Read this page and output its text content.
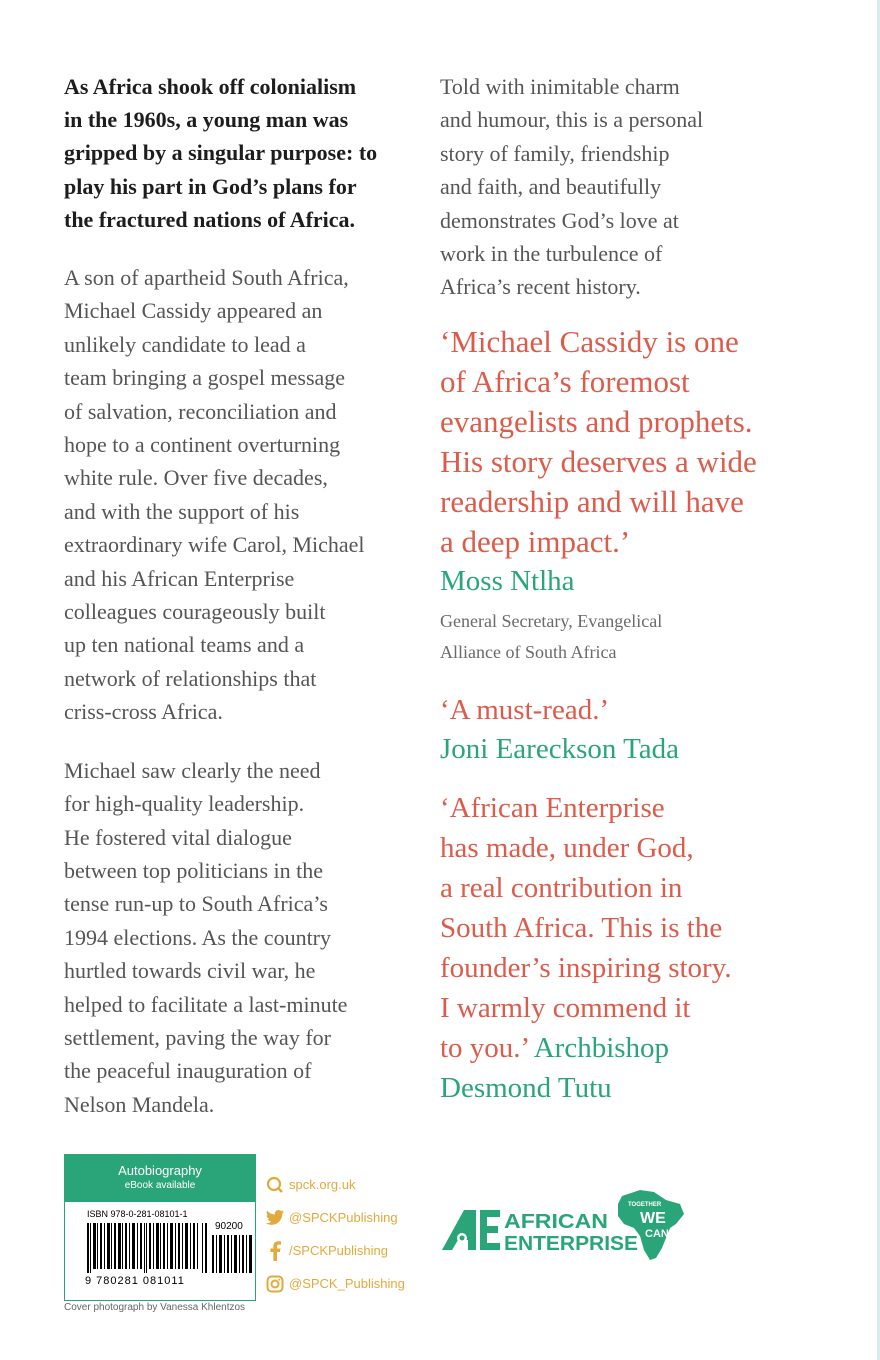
As Africa shook off colonialism
in the 1960s, a young man was
gripped by a singular purpose: to
play his part in God’s plans for
the fractured nations of Africa.

A son of apartheid South Africa,
Michael Cassidy appeared an
unlikely candidate to lead a
team bringing a gospel message
of salvation, reconciliation and
hope to a continent overturning
white rule. Over five decades,
and with the support of his
extraordinary wife Carol, Michael
and his African Enterprise
colleagues courageously built
up ten national teams and a
network of relationships that
criss-cross Africa.

Michael saw clearly the need
for high-quality leadership.
He fostered vital dialogue
between top politicians in the
tense run-up to South Africa’s
1994 elections. As the country
hurtled towards civil war, he
helped to facilitate a last-minute
settlement, paving the way for
the peaceful inauguration of
Nelson Mandela.

Told with inimitable charm
and humour, this is a personal
story of family, friendship
and faith, and beautifully
demonstrates God’s love at
work in the turbulence of
Africa’s recent history.

‘Michael Cassidy is one
of Africa’s foremost
evangelists and prophets.
His story deserves a wide
readership and will have
a deep impact.’

Moss Ntlha

General Secretary, Evangelical
Alliance of South Africa

‘A must-read.’

Joni Eareckson Tada

‘African Enterprise
has made, under God,
a real contribution in
South Africa. This is the
founder’s inspiring story.
I warmly commend it
to you.’ Archbishop
Desmond Tutu

Autobiography
eBook available
ISBN 978-0-281-08101-1
90200
9 780281 081011
Cover photograph by Vanessa Khlentzos
spck.org.uk
@SPCKPublishing
/SPCKPublishing
@SPCK_Publishing
AFRICAN
ENTERPRISE
TOGETHER
WE
CAN
